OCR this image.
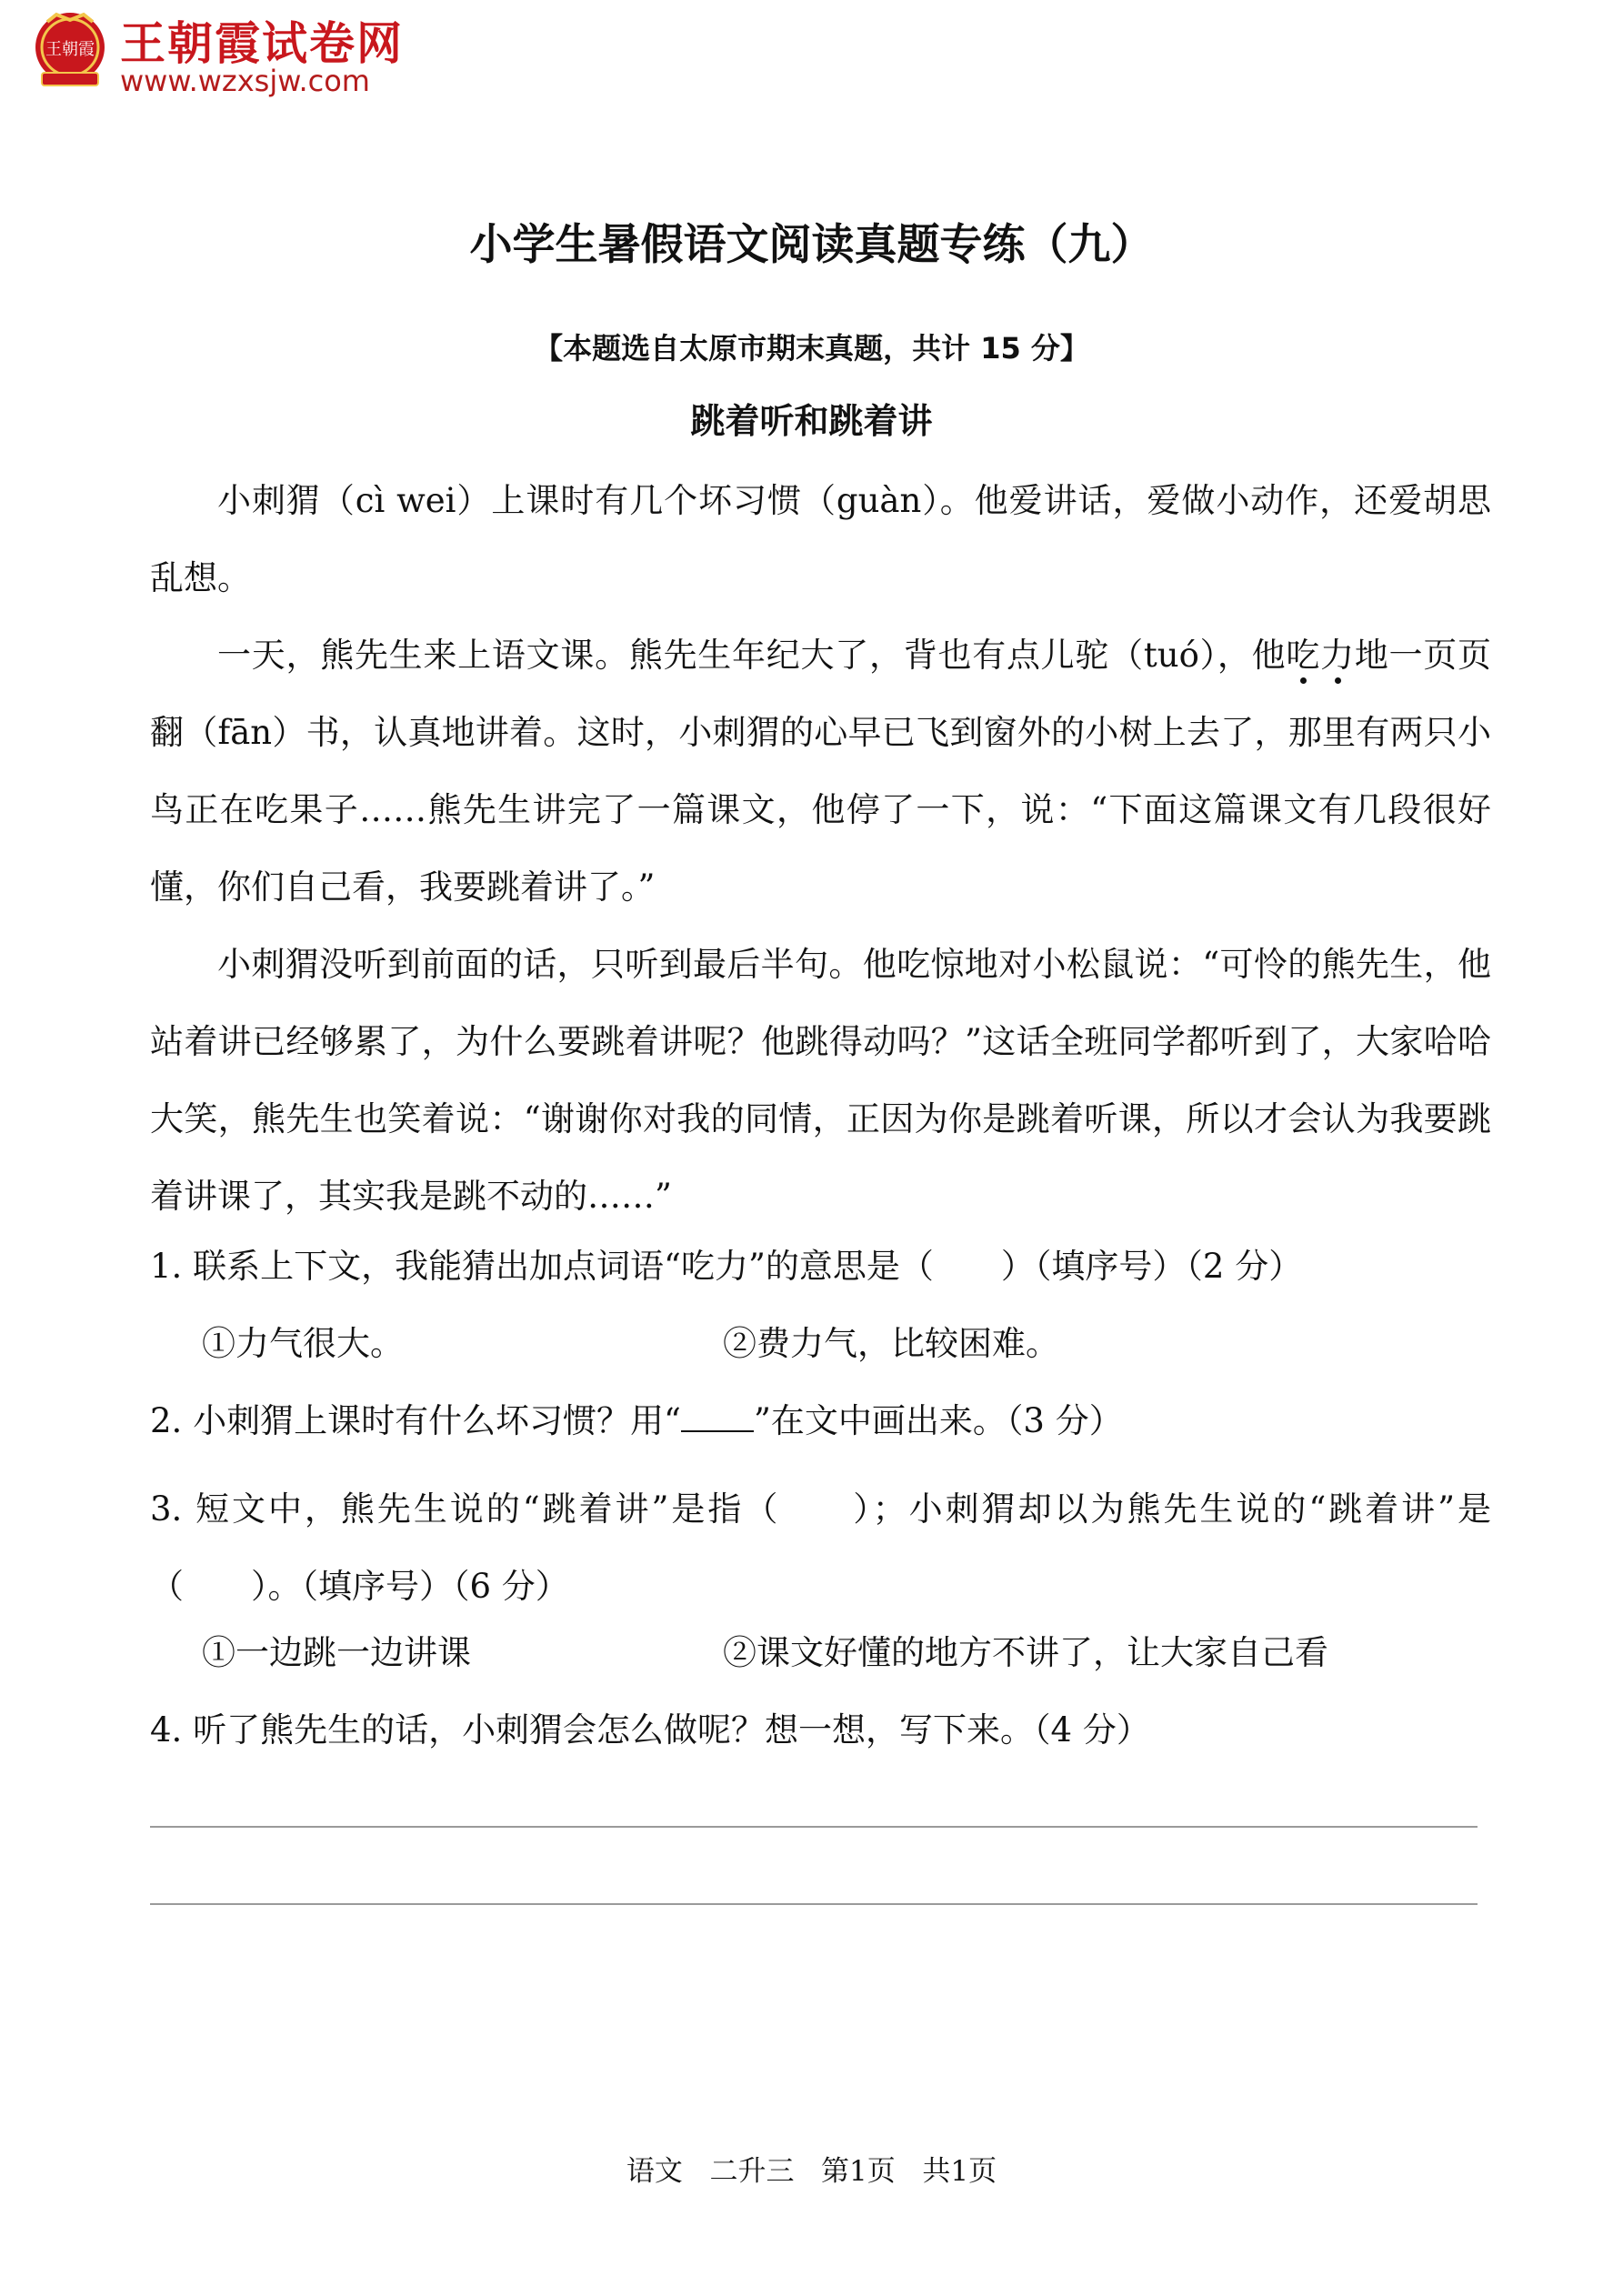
王朝霞 王朝霞试卷网
www.wzxsjw.com
小学生暑假语文阅读真题专练（九）
【本题选自太原市期末真题，共计 15 分】
跳着听和跳着讲

小刺猬（cì wei）上课时有几个坏习惯（guàn）。他爱讲话，爱做小动作，还爱胡思乱想。

一天，熊先生来上语文课。熊先生年纪大了，背也有点儿驼（tuó），他吃力地一页页翻（fān）书，认真地讲着。这时，小刺猬的心早已飞到窗外的小树上去了，那里有两只小鸟正在吃果子……熊先生讲完了一篇课文，他停了一下，说：“下面这篇课文有几段很好懂，你们自己看，我要跳着讲了。”

小刺猬没听到前面的话，只听到最后半句。他吃惊地对小松鼠说：“可怜的熊先生，他站着讲已经够累了，为什么要跳着讲呢？他跳得动吗？”这话全班同学都听到了，大家哈哈大笑，熊先生也笑着说：“谢谢你对我的同情，正因为你是跳着听课，所以才会认为我要跳着讲课了，其实我是跳不动的……”

1. 联系上下文，我能猜出加点词语“吃力”的意思是（　　）（填序号）（2 分）
①力气很大。	②费力气，比较困难。
2. 小刺猬上课时有什么坏习惯？用“ ”在文中画出来。（3 分）
3. 短文中，熊先生说的“跳着讲”是指（　　）；小刺猬却以为熊先生说的“跳着讲”是（　　）。（填序号）（6 分）
①一边跳一边讲课	②课文好懂的地方不讲了，让大家自己看
4. 听了熊先生的话，小刺猬会怎么做呢？想一想，写下来。（4 分）
语文 二升三 第1页 共1页
